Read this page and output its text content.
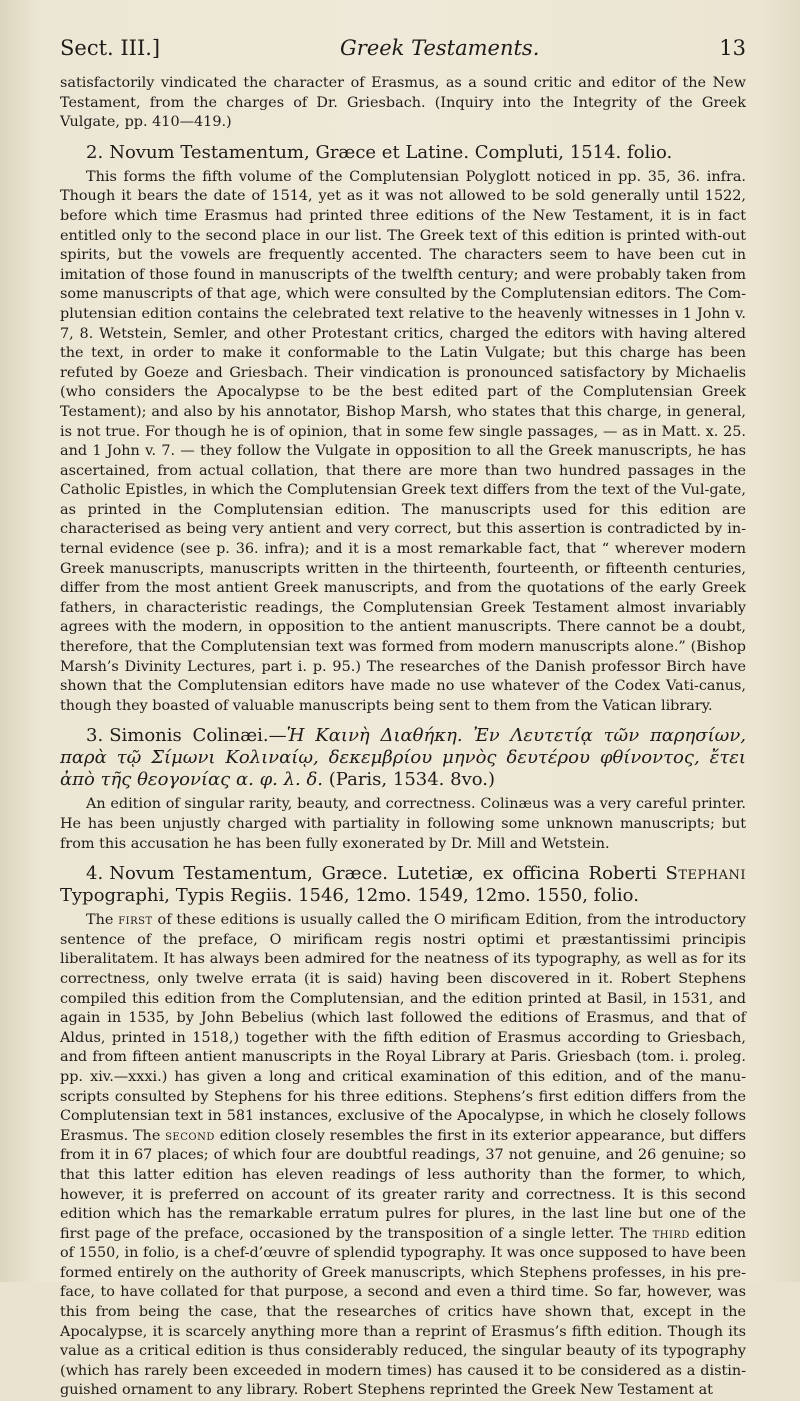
Sect. III.]	Greek Testaments.	13

satisfactorily vindicated the character of Erasmus, as a sound critic and editor of the New Testament, from the charges of Dr. Griesbach. (Inquiry into the Integrity of the Greek Vulgate, pp. 410—419.)

2. Novum Testamentum, Græce et Latine. Compluti, 1514. folio.

This forms the fifth volume of the Complutensian Polyglott noticed in pp. 35, 36. infra. Though it bears the date of 1514, yet as it was not allowed to be sold generally until 1522, before which time Erasmus had printed three editions of the New Testament, it is in fact entitled only to the second place in our list. The Greek text of this edition is printed with-out spirits, but the vowels are frequently accented. The characters seem to have been cut in imitation of those found in manuscripts of the twelfth century; and were probably taken from some manuscripts of that age, which were consulted by the Complutensian editors. The Com-plutensian edition contains the celebrated text relative to the heavenly witnesses in 1 John v. 7, 8. Wetstein, Semler, and other Protestant critics, charged the editors with having altered the text, in order to make it conformable to the Latin Vulgate; but this charge has been refuted by Goeze and Griesbach. Their vindication is pronounced satisfactory by Michaelis (who considers the Apocalypse to be the best edited part of the Complutensian Greek Testament); and also by his annotator, Bishop Marsh, who states that this charge, in general, is not true. For though he is of opinion, that in some few single passages, — as in Matt. x. 25. and 1 John v. 7. — they follow the Vulgate in opposition to all the Greek manuscripts, he has ascertained, from actual collation, that there are more than two hundred passages in the Catholic Epistles, in which the Complutensian Greek text differs from the text of the Vul-gate, as printed in the Complutensian edition. The manuscripts used for this edition are characterised as being very antient and very correct, but this assertion is contradicted by in-ternal evidence (see p. 36. infra); and it is a most remarkable fact, that “ wherever modern Greek manuscripts, manuscripts written in the thirteenth, fourteenth, or fifteenth centuries, differ from the most antient Greek manuscripts, and from the quotations of the early Greek fathers, in characteristic readings, the Complutensian Greek Testament almost invariably agrees with the modern, in opposition to the antient manuscripts. There cannot be a doubt, therefore, that the Complutensian text was formed from modern manuscripts alone.” (Bishop Marsh’s Divinity Lectures, part i. p. 95.) The researches of the Danish professor Birch have shown that the Complutensian editors have made no use whatever of the Codex Vati-canus, though they boasted of valuable manuscripts being sent to them from the Vatican library.

3. Simonis Colinæi.—Ἡ Καινὴ Διαθήκη. Ἐν Λευτετίᾳ τῶν παρησίων, παρὰ τῷ Σίμωνι Κολιναίῳ, δεκεμβρίου μηνὸς δευτέρου φθίνοντος, ἔτει ἀπὸ τῆς θεογονίας α. φ. λ. δ. (Paris, 1534. 8vo.)

An edition of singular rarity, beauty, and correctness. Colinæus was a very careful printer. He has been unjustly charged with partiality in following some unknown manuscripts; but from this accusation he has been fully exonerated by Dr. Mill and Wetstein.

4. Novum Testamentum, Græce. Lutetiæ, ex officina Roberti Stephani Typographi, Typis Regiis. 1546, 12mo. 1549, 12mo. 1550, folio.

The first of these editions is usually called the O mirificam Edition, from the introductory sentence of the preface, O mirificam regis nostri optimi et præstantissimi principis liberalitatem. It has always been admired for the neatness of its typography, as well as for its correctness, only twelve errata (it is said) having been discovered in it. Robert Stephens compiled this edition from the Complutensian, and the edition printed at Basil, in 1531, and again in 1535, by John Bebelius (which last followed the editions of Erasmus, and that of Aldus, printed in 1518,) together with the fifth edition of Erasmus according to Griesbach, and from fifteen antient manuscripts in the Royal Library at Paris. Griesbach (tom. i. proleg. pp. xiv.—xxxi.) has given a long and critical examination of this edition, and of the manu-scripts consulted by Stephens for his three editions. Stephens’s first edition differs from the Complutensian text in 581 instances, exclusive of the Apocalypse, in which he closely follows Erasmus. The second edition closely resembles the first in its exterior appearance, but differs from it in 67 places; of which four are doubtful readings, 37 not genuine, and 26 genuine; so that this latter edition has eleven readings of less authority than the former, to which, however, it is preferred on account of its greater rarity and correctness. It is this second edition which has the remarkable erratum pulres for plures, in the last line but one of the first page of the preface, occasioned by the transposition of a single letter. The third edition of 1550, in folio, is a chef-d’œuvre of splendid typography. It was once supposed to have been formed entirely on the authority of Greek manuscripts, which Stephens professes, in his pre-face, to have collated for that purpose, a second and even a third time. So far, however, was this from being the case, that the researches of critics have shown that, except in the Apocalypse, it is scarcely anything more than a reprint of Erasmus’s fifth edition. Though its value as a critical edition is thus considerably reduced, the singular beauty of its typography (which has rarely been exceeded in modern times) has caused it to be considered as a distin-guished ornament to any library. Robert Stephens reprinted the Greek New Testament at
